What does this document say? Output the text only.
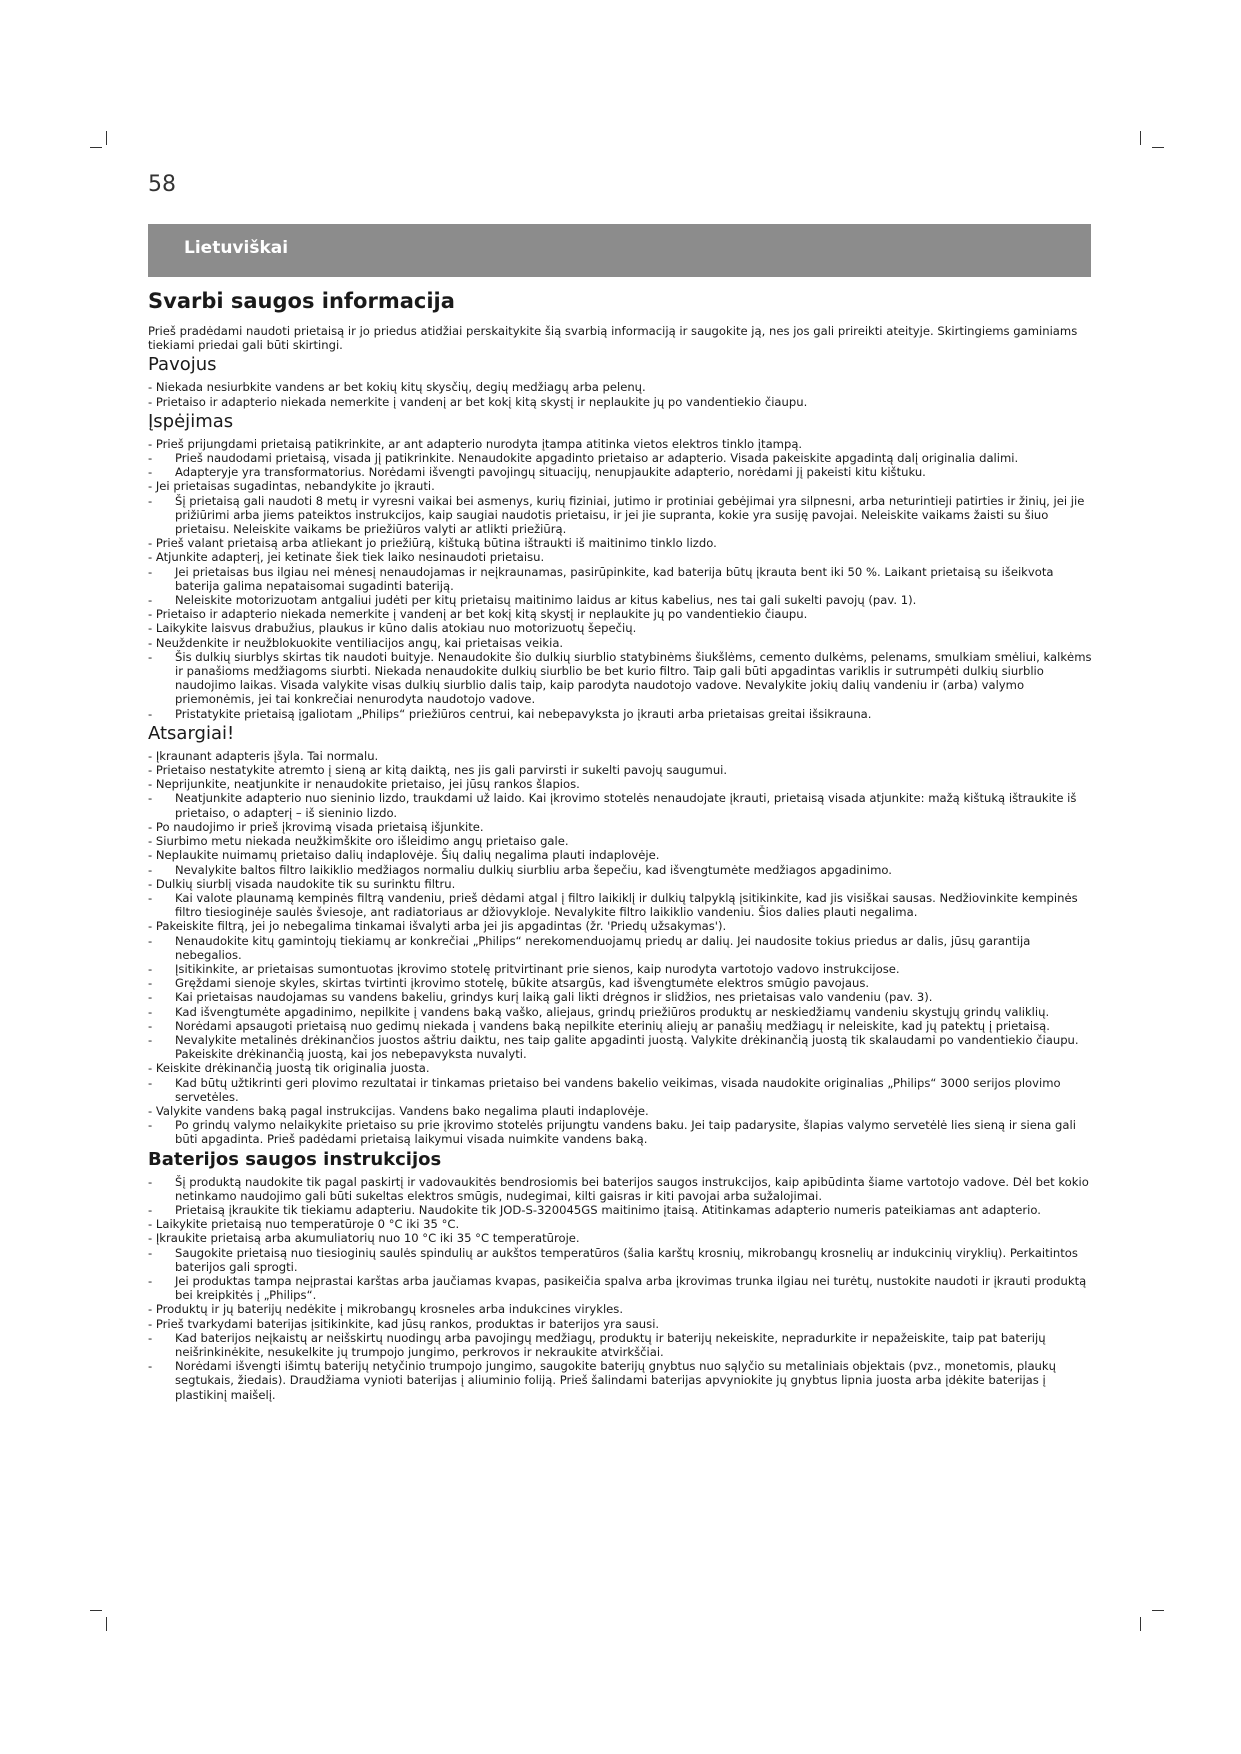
58
Lietuviškai
Svarbi saugos informacija

Prieš pradėdami naudoti prietaisą ir jo priedus atidžiai perskaitykite šią svarbią informaciją ir saugokite ją, nes jos gali prireikti ateityje. Skirtingiems gaminiams tiekiami priedai gali būti skirtingi.

Pavojus
- Niekada nesiurbkite vandens ar bet kokių kitų skysčių, degių medžiagų arba pelenų.
- Prietaiso ir adapterio niekada nemerkite į vandenį ar bet kokį kitą skystį ir neplaukite jų po vandentiekio čiaupu.
Įspėjimas
- Prieš prijungdami prietaisą patikrinkite, ar ant adapterio nurodyta įtampa atitinka vietos elektros tinklo įtampą.
- Prieš naudodami prietaisą, visada jį patikrinkite. Nenaudokite apgadinto prietaiso ar adapterio. Visada pakeiskite apgadintą dalį originalia dalimi.
- Adapteryje yra transformatorius. Norėdami išvengti pavojingų situacijų, nenupjaukite adapterio, norėdami jį pakeisti kitu kištuku.
- Jei prietaisas sugadintas, nebandykite jo įkrauti.
- Šį prietaisą gali naudoti 8 metų ir vyresni vaikai bei asmenys, kurių fiziniai, jutimo ir protiniai gebėjimai yra silpnesni, arba neturintieji patirties ir žinių, jei jie prižiūrimi arba jiems pateiktos instrukcijos, kaip saugiai naudotis prietaisu, ir jei jie supranta, kokie yra susiję pavojai. Neleiskite vaikams žaisti su šiuo prietaisu. Neleiskite vaikams be priežiūros valyti ar atlikti priežiūrą.
- Prieš valant prietaisą arba atliekant jo priežiūrą, kištuką būtina ištraukti iš maitinimo tinklo lizdo.
- Atjunkite adapterį, jei ketinate šiek tiek laiko nesinaudoti prietaisu.
- Jei prietaisas bus ilgiau nei mėnesį nenaudojamas ir neįkraunamas, pasirūpinkite, kad baterija būtų įkrauta bent iki 50 %. Laikant prietaisą su išeikvota baterija galima nepataisomai sugadinti bateriją.
- Neleiskite motorizuotam antgaliui judėti per kitų prietaisų maitinimo laidus ar kitus kabelius, nes tai gali sukelti pavojų (pav. 1).
- Prietaiso ir adapterio niekada nemerkite į vandenį ar bet kokį kitą skystį ir neplaukite jų po vandentiekio čiaupu.
- Laikykite laisvus drabužius, plaukus ir kūno dalis atokiau nuo motorizuotų šepečių.
- Neuždenkite ir neužblokuokite ventiliacijos angų, kai prietaisas veikia.
- Šis dulkių siurblys skirtas tik naudoti buityje. Nenaudokite šio dulkių siurblio statybinėms šiukšlėms, cemento dulkėms, pelenams, smulkiam smėliui, kalkėms ir panašioms medžiagoms siurbti. Niekada nenaudokite dulkių siurblio be bet kurio filtro. Taip gali būti apgadintas variklis ir sutrumpėti dulkių siurblio naudojimo laikas. Visada valykite visas dulkių siurblio dalis taip, kaip parodyta naudotojo vadove. Nevalykite jokių dalių vandeniu ir (arba) valymo priemonėmis, jei tai konkrečiai nenurodyta naudotojo vadove.
- Pristatykite prietaisą įgaliotam „Philips“ priežiūros centrui, kai nebepavyksta jo įkrauti arba prietaisas greitai išsikrauna.
Atsargiai!
- Įkraunant adapteris įšyla. Tai normalu.
- Prietaiso nestatykite atremto į sieną ar kitą daiktą, nes jis gali parvirsti ir sukelti pavojų saugumui.
- Neprijunkite, neatjunkite ir nenaudokite prietaiso, jei jūsų rankos šlapios.
- Neatjunkite adapterio nuo sieninio lizdo, traukdami už laido. Kai įkrovimo stotelės nenaudojate įkrauti, prietaisą visada atjunkite: mažą kištuką ištraukite iš prietaiso, o adapterį – iš sieninio lizdo.
- Po naudojimo ir prieš įkrovimą visada prietaisą išjunkite.
- Siurbimo metu niekada neužkimškite oro išleidimo angų prietaiso gale.
- Neplaukite nuimamų prietaiso dalių indaplovėje. Šių dalių negalima plauti indaplovėje.
- Nevalykite baltos filtro laikiklio medžiagos normaliu dulkių siurbliu arba šepečiu, kad išvengtumėte medžiagos apgadinimo.
- Dulkių siurblį visada naudokite tik su surinktu filtru.
- Kai valote plaunamą kempinės filtrą vandeniu, prieš dėdami atgal į filtro laikiklį ir dulkių talpyklą įsitikinkite, kad jis visiškai sausas. Nedžiovinkite kempinės filtro tiesioginėje saulės šviesoje, ant radiatoriaus ar džiovykloje. Nevalykite filtro laikiklio vandeniu. Šios dalies plauti negalima.
- Pakeiskite filtrą, jei jo nebegalima tinkamai išvalyti arba jei jis apgadintas (žr. 'Priedų užsakymas').
- Nenaudokite kitų gamintojų tiekiamų ar konkrečiai „Philips“ nerekomenduojamų priedų ar dalių. Jei naudosite tokius priedus ar dalis, jūsų garantija nebegalios.
- Įsitikinkite, ar prietaisas sumontuotas įkrovimo stotelę pritvirtinant prie sienos, kaip nurodyta vartotojo vadovo instrukcijose.
- Gręždami sienoje skyles, skirtas tvirtinti įkrovimo stotelę, būkite atsargūs, kad išvengtumėte elektros smūgio pavojaus.
- Kai prietaisas naudojamas su vandens bakeliu, grindys kurį laiką gali likti drėgnos ir slidžios, nes prietaisas valo vandeniu (pav. 3).
- Kad išvengtumėte apgadinimo, nepilkite į vandens baką vaško, aliejaus, grindų priežiūros produktų ar neskiedžiamų vandeniu skystųjų grindų valiklių.
- Norėdami apsaugoti prietaisą nuo gedimų niekada į vandens baką nepilkite eterinių aliejų ar panašių medžiagų ir neleiskite, kad jų patektų į prietaisą.
- Nevalykite metalinės drėkinančios juostos aštriu daiktu, nes taip galite apgadinti juostą. Valykite drėkinančią juostą tik skalaudami po vandentiekio čiaupu. Pakeiskite drėkinančią juostą, kai jos nebepavyksta nuvalyti.
- Keiskite drėkinančią juostą tik originalia juosta.
- Kad būtų užtikrinti geri plovimo rezultatai ir tinkamas prietaiso bei vandens bakelio veikimas, visada naudokite originalias „Philips“ 3000 serijos plovimo servetėles.
- Valykite vandens baką pagal instrukcijas. Vandens bako negalima plauti indaplovėje.
- Po grindų valymo nelaikykite prietaiso su prie įkrovimo stotelės prijungtu vandens baku. Jei taip padarysite, šlapias valymo servetėlė lies sieną ir siena gali būti apgadinta. Prieš padėdami prietaisą laikymui visada nuimkite vandens baką.
Baterijos saugos instrukcijos
- Šį produktą naudokite tik pagal paskirtį ir vadovaukitės bendrosiomis bei baterijos saugos instrukcijos, kaip apibūdinta šiame vartotojo vadove. Dėl bet kokio netinkamo naudojimo gali būti sukeltas elektros smūgis, nudegimai, kilti gaisras ir kiti pavojai arba sužalojimai.
- Prietaisą įkraukite tik tiekiamu adapteriu. Naudokite tik JOD-S-320045GS maitinimo įtaisą. Atitinkamas adapterio numeris pateikiamas ant adapterio.
- Laikykite prietaisą nuo temperatūroje 0 °C iki 35 °C.
- Įkraukite prietaisą arba akumuliatorių nuo 10 °C iki 35 °C temperatūroje.
- Saugokite prietaisą nuo tiesioginių saulės spindulių ar aukštos temperatūros (šalia karštų krosnių, mikrobangų krosnelių ar indukcinių viryklių). Perkaitintos baterijos gali sprogti.
- Jei produktas tampa neįprastai karštas arba jaučiamas kvapas, pasikeičia spalva arba įkrovimas trunka ilgiau nei turėtų, nustokite naudoti ir įkrauti produktą bei kreipkitės į „Philips“.
- Produktų ir jų baterijų nedėkite į mikrobangų krosneles arba indukcines virykles.
- Prieš tvarkydami baterijas įsitikinkite, kad jūsų rankos, produktas ir baterijos yra sausi.
- Kad baterijos neįkaistų ar neišskirtų nuodingų arba pavojingų medžiagų, produktų ir baterijų nekeiskite, nepradurkite ir nepažeiskite, taip pat baterijų neišrinkinėkite, nesukelkite jų trumpojo jungimo, perkrovos ir nekraukite atvirkščiai.
- Norėdami išvengti išimtų baterijų netyčinio trumpojo jungimo, saugokite baterijų gnybtus nuo sąlyčio su metaliniais objektais (pvz., monetomis, plaukų segtukais, žiedais). Draudžiama vynioti baterijas į aliuminio foliją. Prieš šalindami baterijas apvyniokite jų gnybtus lipnia juosta arba įdėkite baterijas į plastikinį maišelį.
